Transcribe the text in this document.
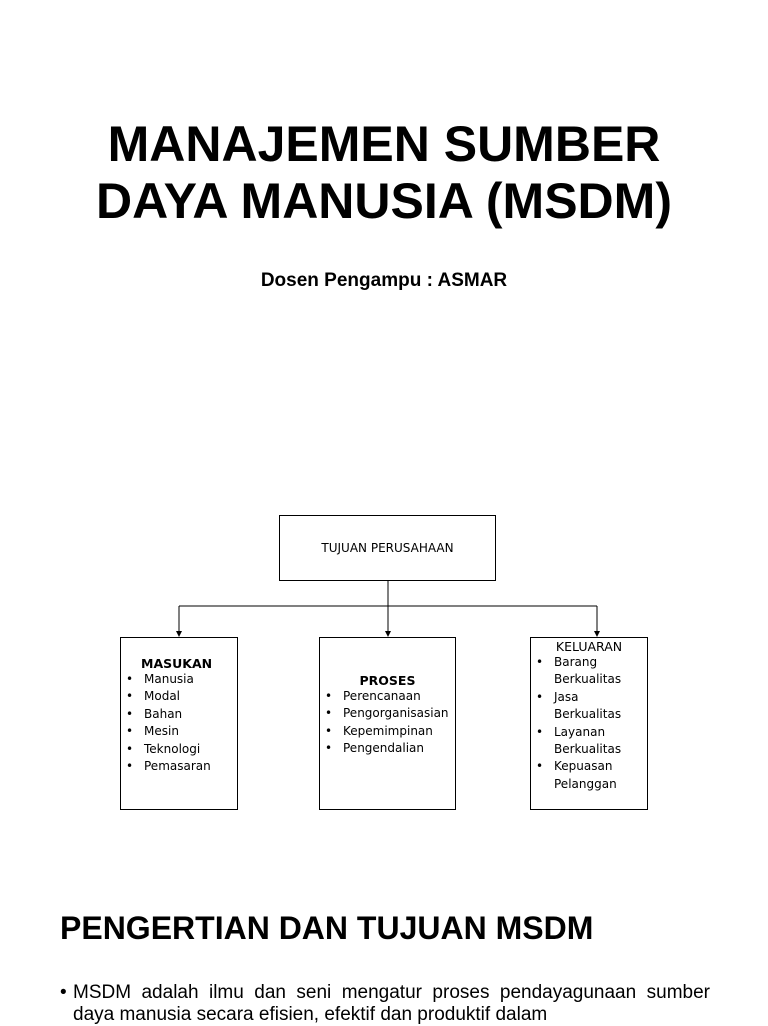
MANAJEMEN SUMBER
DAYA MANUSIA (MSDM)

Dosen Pengampu : ASMAR

TUJUAN PERUSAHAAN
MASUKAN
• Manusia
• Modal
• Bahan
• Mesin
• Teknologi
• Pemasaran
PROSES
• Perencanaan
• Pengorganisasian
• Kepemimpinan
• Pengendalian
KELUARAN
• Barang Berkualitas
• Jasa Berkualitas
• Layanan Berkualitas
• Kepuasan Pelanggan
PENGERTIAN DAN TUJUAN MSDM

• MSDM adalah ilmu dan seni mengatur proses pendayagunaan sumber daya manusia secara efisien, efektif dan produktif dalam
